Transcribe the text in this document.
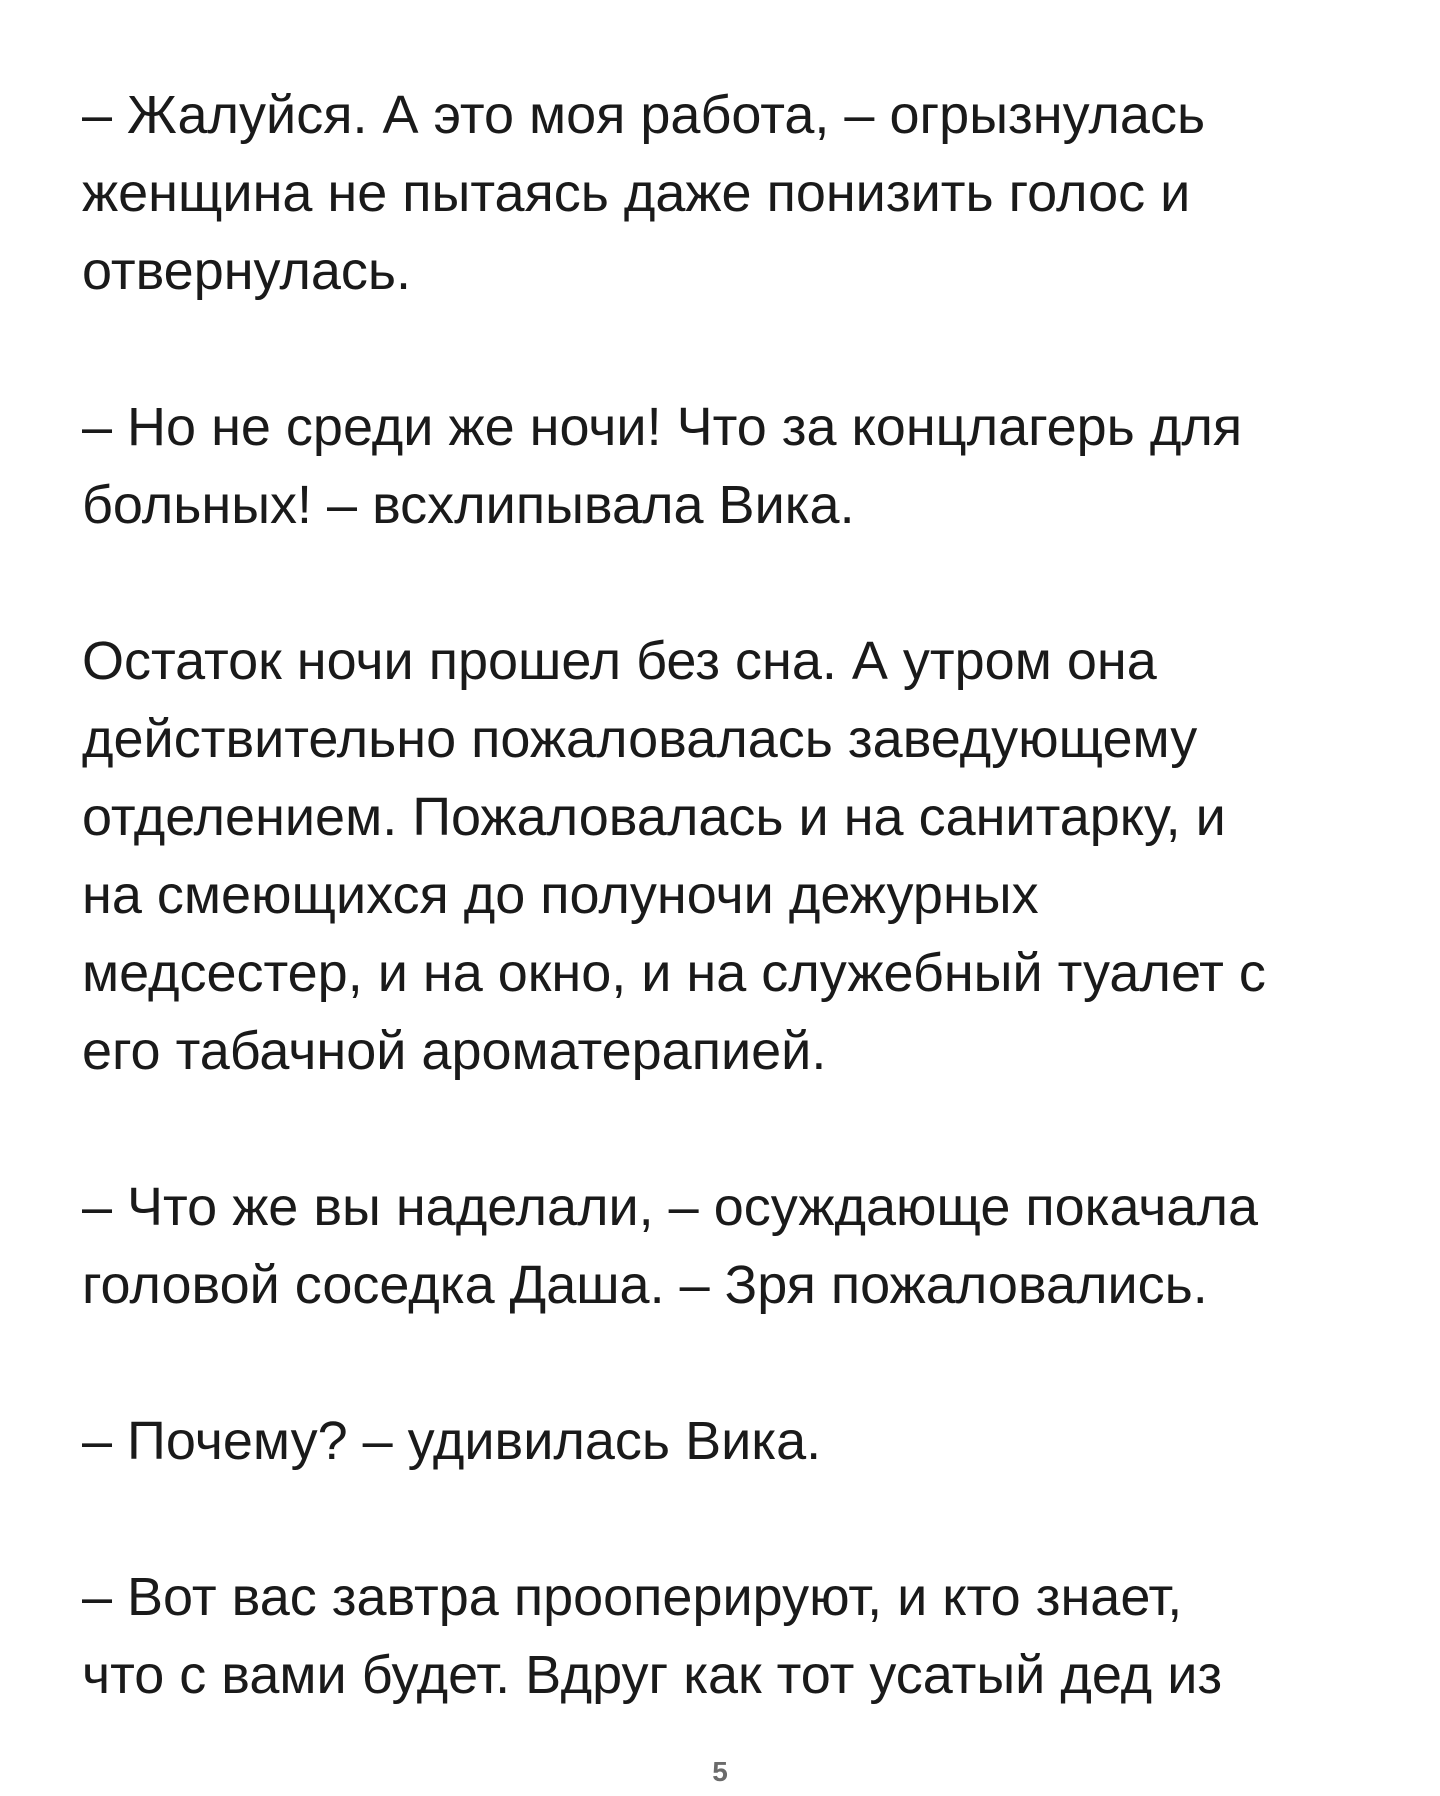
– Жалуйся. А это моя работа, – огрызнулась
женщина не пытаясь даже понизить голос и
отвернулась.

– Но не среди же ночи! Что за концлагерь для
больных! – всхлипывала Вика.

Остаток ночи прошел без сна. А утром она
действительно пожаловалась заведующему
отделением. Пожаловалась и на санитарку, и
на смеющихся до полуночи дежурных
медсестер, и на окно, и на служебный туалет с
его табачной ароматерапией.

– Что же вы наделали, – осуждающе покачала
головой соседка Даша. – Зря пожаловались.

– Почему? – удивилась Вика.

– Вот вас завтра прооперируют, и кто знает,
что с вами будет. Вдруг как тот усатый дед из

5
